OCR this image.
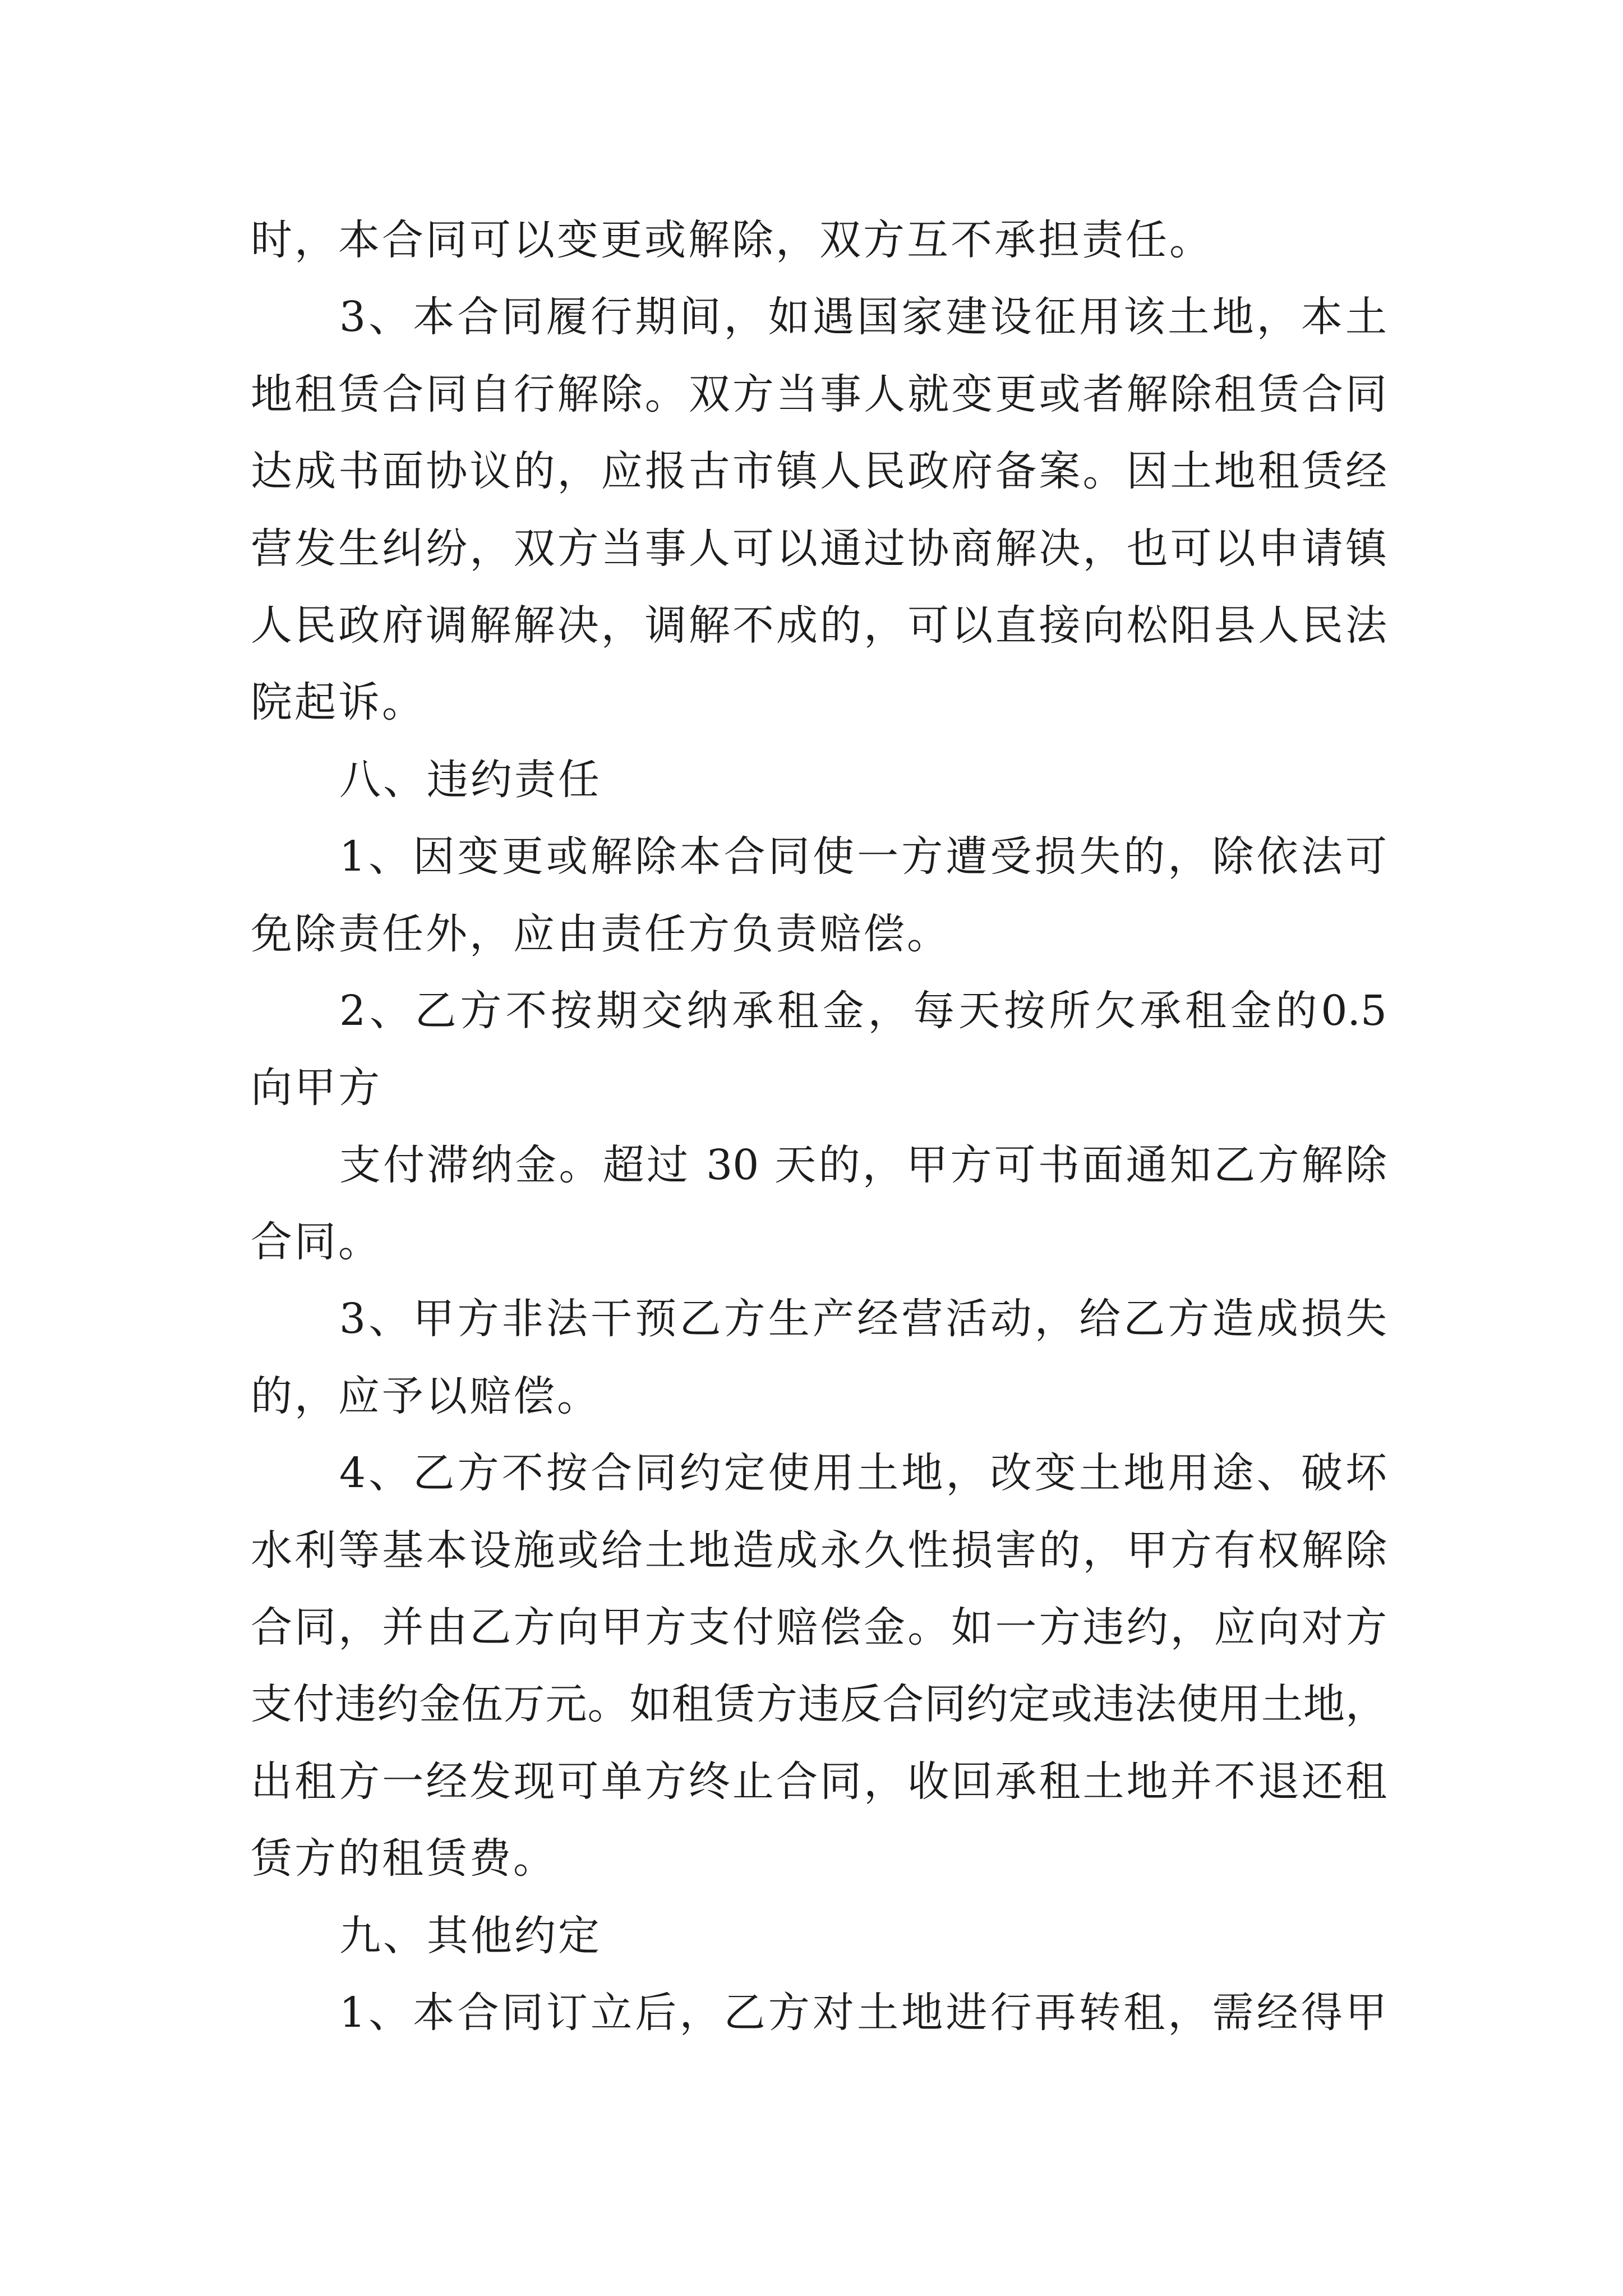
时，本合同可以变更或解除，双方互不承担责任。
3、本合同履行期间，如遇国家建设征用该土地，本土
地租赁合同自行解除。双方当事人就变更或者解除租赁合同
达成书面协议的，应报古市镇人民政府备案。因土地租赁经
营发生纠纷，双方当事人可以通过协商解决，也可以申请镇
人民政府调解解决，调解不成的，可以直接向松阳县人民法
院起诉。
八、违约责任
1、因变更或解除本合同使一方遭受损失的，除依法可
免除责任外，应由责任方负责赔偿。
2、乙方不按期交纳承租金，每天按所欠承租金的0.5
向甲方
支付滞纳金。超过 30 天的，甲方可书面通知乙方解除
合同。
3、甲方非法干预乙方生产经营活动，给乙方造成损失
的，应予以赔偿。
4、乙方不按合同约定使用土地，改变土地用途、破坏
水利等基本设施或给土地造成永久性损害的，甲方有权解除
合同，并由乙方向甲方支付赔偿金。如一方违约，应向对方
支付违约金伍万元。如租赁方违反合同约定或违法使用土地，
出租方一经发现可单方终止合同，收回承租土地并不退还租
赁方的租赁费。
九、其他约定
1、本合同订立后，乙方对土地进行再转租，需经得甲
